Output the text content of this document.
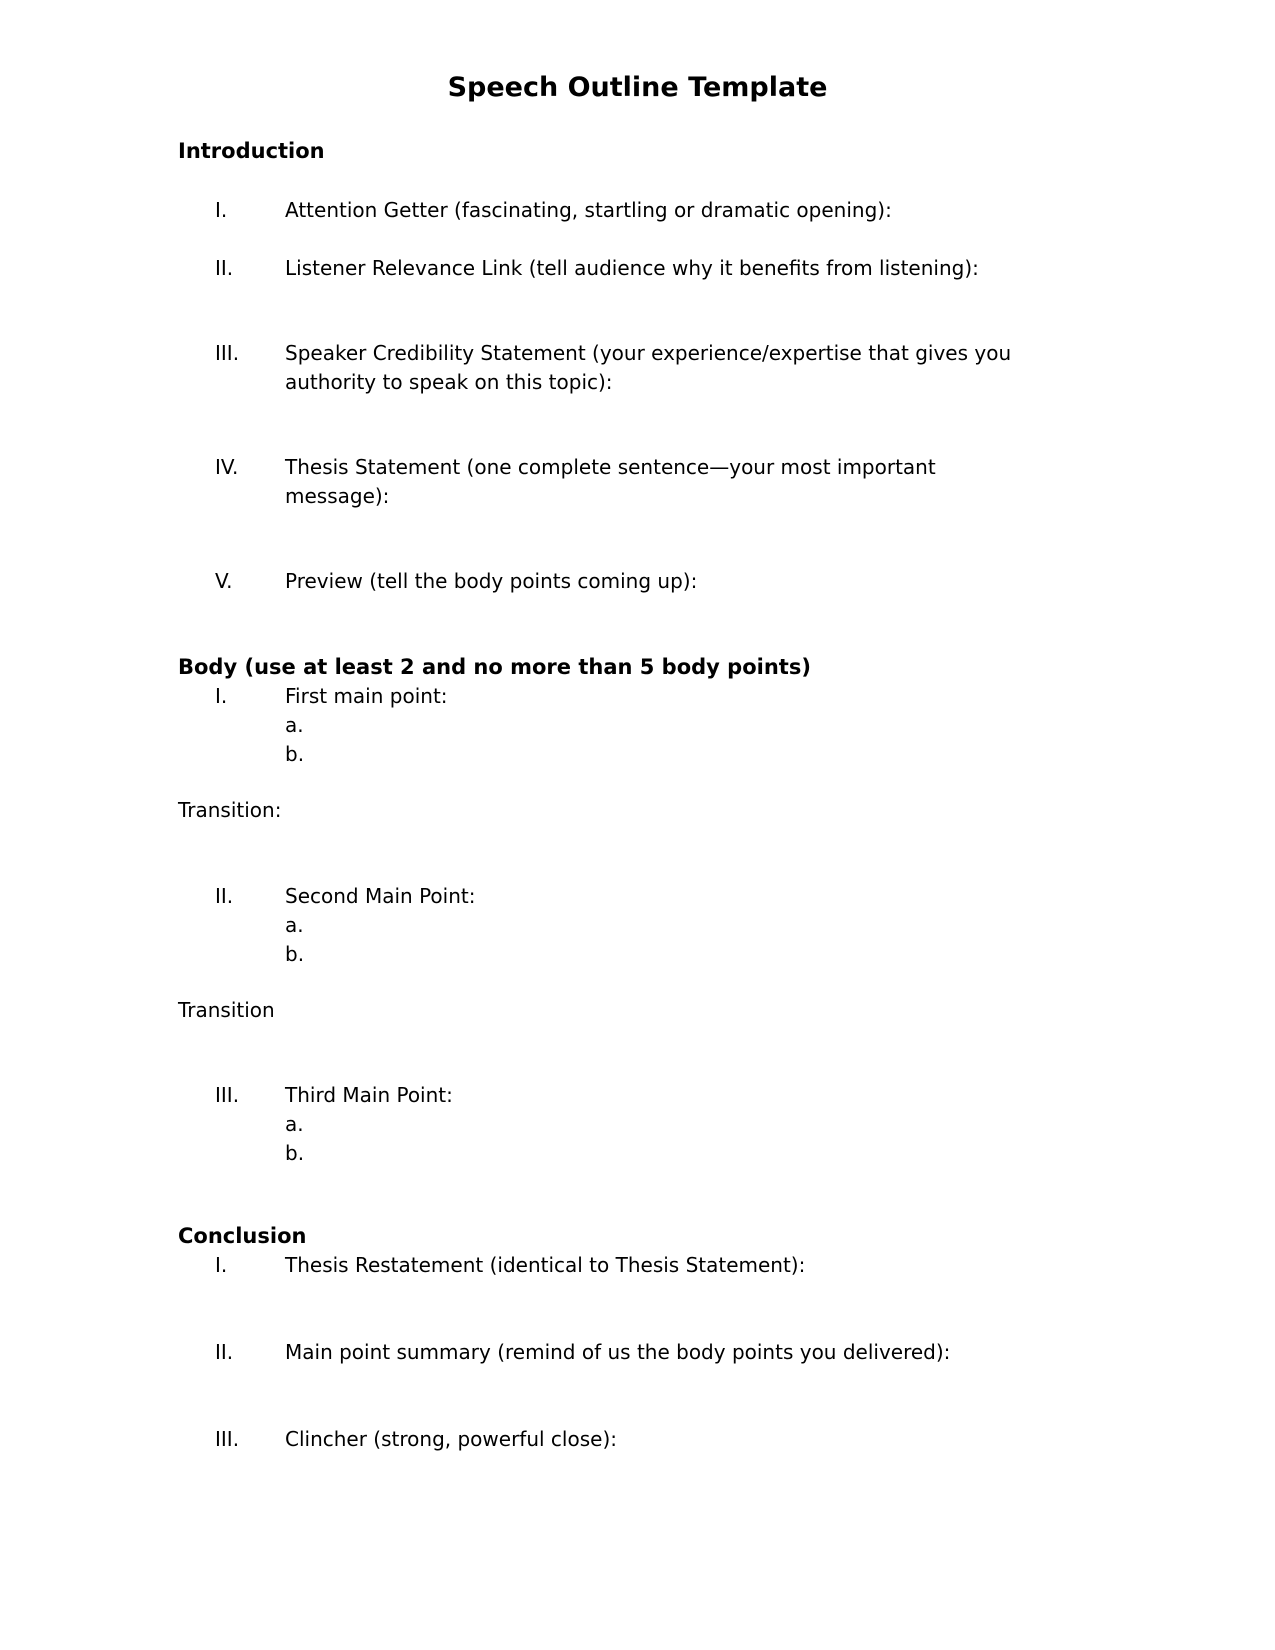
Speech Outline Template
Introduction
I.	Attention Getter (fascinating, startling or dramatic opening):
II.	Listener Relevance Link (tell audience why it benefits from listening):
III.	Speaker Credibility Statement (your experience/expertise that gives you authority to speak on this topic):
IV.	Thesis Statement (one complete sentence—your most important message):
V.	Preview (tell the body points coming up):
Body (use at least 2 and no more than 5 body points)
I.	First main point:
a.
b.
Transition:
II.	Second Main Point:
a.
b.
Transition
III.	Third Main Point:
a.
b.
Conclusion
I.	Thesis Restatement (identical to Thesis Statement):
II.	Main point summary (remind of us the body points you delivered):
III.	Clincher (strong, powerful close):
